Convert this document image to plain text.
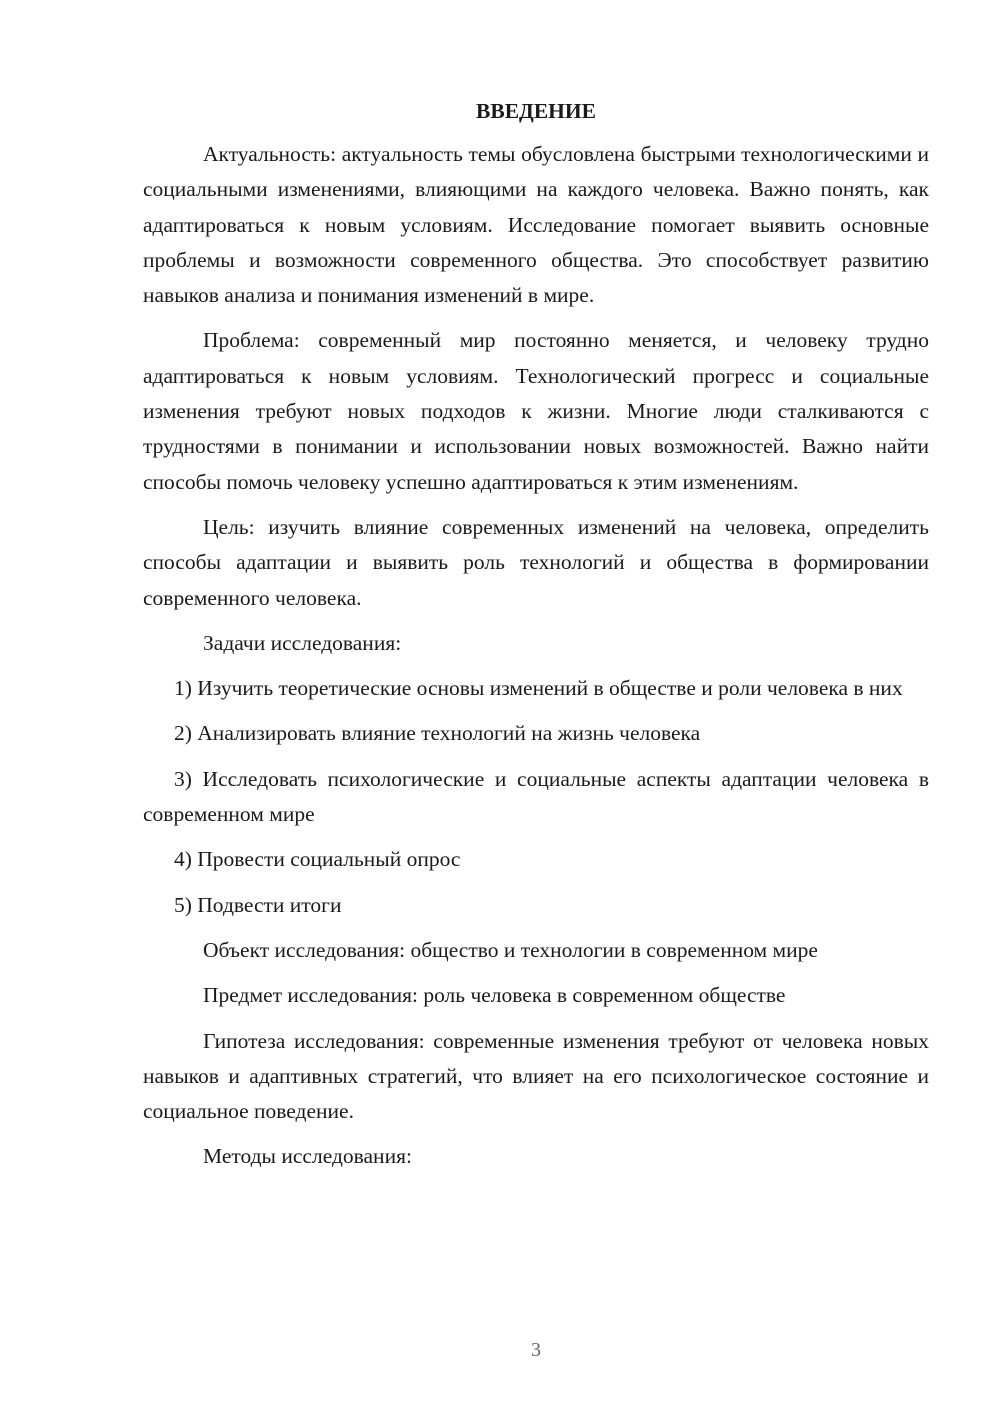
ВВЕДЕНИЕ
Актуальность: актуальность темы обусловлена быстрыми технологическими и социальными изменениями, влияющими на каждого человека. Важно понять, как адаптироваться к новым условиям. Исследование помогает выявить основные проблемы и возможности современного общества. Это способствует развитию навыков анализа и понимания изменений в мире.
Проблема: современный мир постоянно меняется, и человеку трудно адаптироваться к новым условиям. Технологический прогресс и социальные изменения требуют новых подходов к жизни. Многие люди сталкиваются с трудностями в понимании и использовании новых возможностей. Важно найти способы помочь человеку успешно адаптироваться к этим изменениям.
Цель: изучить влияние современных изменений на человека, определить способы адаптации и выявить роль технологий и общества в формировании современного человека.
Задачи исследования:
1) Изучить теоретические основы изменений в обществе и роли человека в них
2) Анализировать влияние технологий на жизнь человека
3) Исследовать психологические и социальные аспекты адаптации человека в современном мире
4) Провести социальный опрос
5) Подвести итоги
Объект исследования: общество и технологии в современном мире
Предмет исследования: роль человека в современном обществе
Гипотеза исследования: современные изменения требуют от человека новых навыков и адаптивных стратегий, что влияет на его психологическое состояние и социальное поведение.
Методы исследования:
3
